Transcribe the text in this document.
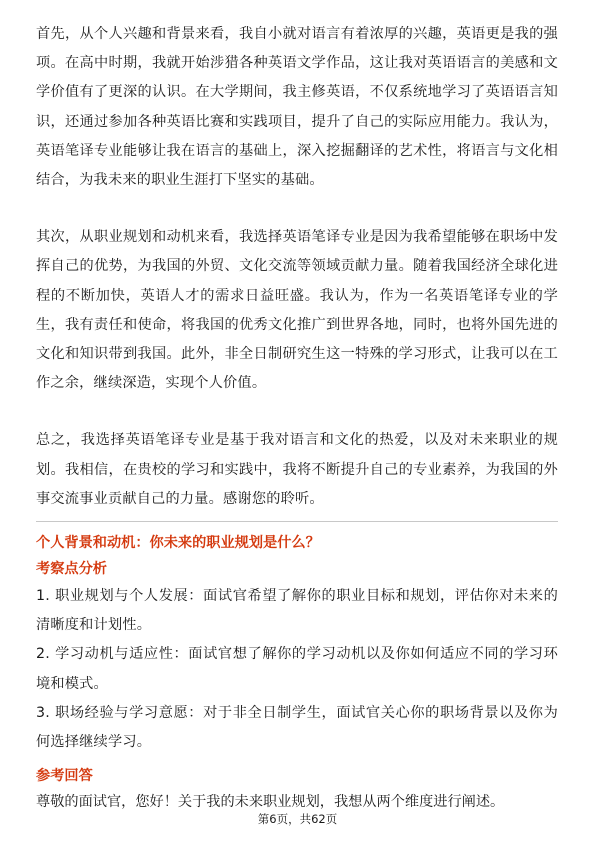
首先，从个人兴趣和背景来看，我自小就对语言有着浓厚的兴趣，英语更是我的强项。在高中时期，我就开始涉猎各种英语文学作品，这让我对英语语言的美感和文学价值有了更深的认识。在大学期间，我主修英语，不仅系统地学习了英语语言知识，还通过参加各种英语比赛和实践项目，提升了自己的实际应用能力。我认为，英语笔译专业能够让我在语言的基础上，深入挖掘翻译的艺术性，将语言与文化相结合，为我未来的职业生涯打下坚实的基础。

其次，从职业规划和动机来看，我选择英语笔译专业是因为我希望能够在职场中发挥自己的优势，为我国的外贸、文化交流等领域贡献力量。随着我国经济全球化进程的不断加快，英语人才的需求日益旺盛。我认为，作为一名英语笔译专业的学生，我有责任和使命，将我国的优秀文化推广到世界各地，同时，也将外国先进的文化和知识带到我国。此外，非全日制研究生这一特殊的学习形式，让我可以在工作之余，继续深造，实现个人价值。

总之，我选择英语笔译专业是基于我对语言和文化的热爱，以及对未来职业的规划。我相信，在贵校的学习和实践中，我将不断提升自己的专业素养，为我国的外事交流事业贡献自己的力量。感谢您的聆听。

个人背景和动机：你未来的职业规划是什么？

考察点分析

1. 职业规划与个人发展：面试官希望了解你的职业目标和规划，评估你对未来的清晰度和计划性。

2. 学习动机与适应性：面试官想了解你的学习动机以及你如何适应不同的学习环境和模式。

3. 职场经验与学习意愿：对于非全日制学生，面试官关心你的职场背景以及你为何选择继续学习。

参考回答

尊敬的面试官，您好！关于我的未来职业规划，我想从两个维度进行阐述。

第6页，共62页
